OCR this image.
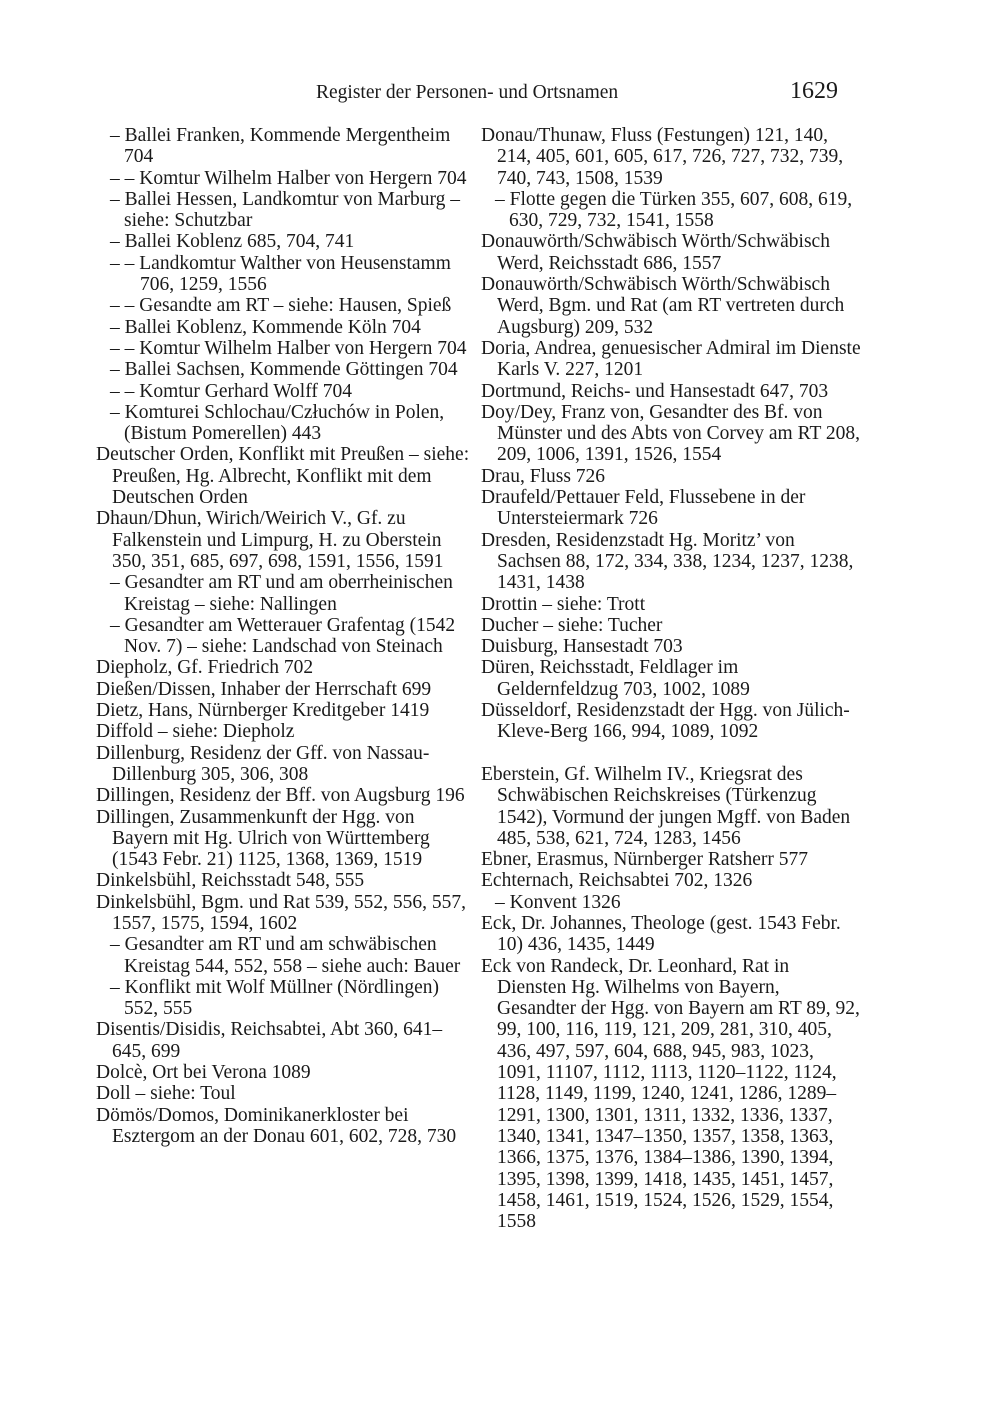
Register der Personen- und Ortsnamen	1629

– Ballei Franken, Kommende Mergentheim 704

– – Komtur Wilhelm Halber von Hergern 704

– Ballei Hessen, Landkomtur von Marburg – siehe: Schutzbar

– Ballei Koblenz 685, 704, 741

– – Landkomtur Walther von Heusenstamm 706, 1259, 1556

– – Gesandte am RT – siehe: Hausen, Spieß

– Ballei Koblenz, Kommende Köln 704

– – Komtur Wilhelm Halber von Hergern 704

– Ballei Sachsen, Kommende Göttingen 704

– – Komtur Gerhard Wolff 704

– Komturei Schlochau/Człuchów in Polen, (Bistum Pomerellen) 443

Deutscher Orden, Konflikt mit Preußen – siehe: Preußen, Hg. Albrecht, Konflikt mit dem Deutschen Orden

Dhaun/Dhun, Wirich/Weirich V., Gf. zu Falkenstein und Limpurg, H. zu Oberstein 350, 351, 685, 697, 698, 1591, 1556, 1591

– Gesandter am RT und am oberrheinischen Kreistag – siehe: Nallingen

– Gesandter am Wetterauer Grafentag (1542 Nov. 7) – siehe: Landschad von Steinach

Diepholz, Gf. Friedrich 702

Dießen/Dissen, Inhaber der Herrschaft 699

Dietz, Hans, Nürnberger Kreditgeber 1419

Diffold – siehe: Diepholz

Dillenburg, Residenz der Gff. von Nassau-Dillenburg 305, 306, 308

Dillingen, Residenz der Bff. von Augsburg 196

Dillingen, Zusammenkunft der Hgg. von Bayern mit Hg. Ulrich von Württemberg (1543 Febr. 21) 1125, 1368, 1369, 1519

Dinkelsbühl, Reichsstadt 548, 555

Dinkelsbühl, Bgm. und Rat 539, 552, 556, 557, 1557, 1575, 1594, 1602

– Gesandter am RT und am schwäbischen Kreistag 544, 552, 558 – siehe auch: Bauer

– Konflikt mit Wolf Müllner (Nördlingen) 552, 555

Disentis/Disidis, Reichsabtei, Abt 360, 641–645, 699

Dolcè, Ort bei Verona 1089

Doll – siehe: Toul

Dömös/Domos, Dominikanerkloster bei Esztergom an der Donau 601, 602, 728, 730

Donau/Thunaw, Fluss (Festungen) 121, 140, 214, 405, 601, 605, 617, 726, 727, 732, 739, 740, 743, 1508, 1539

– Flotte gegen die Türken 355, 607, 608, 619, 630, 729, 732, 1541, 1558

Donauwörth/Schwäbisch Wörth/Schwäbisch Werd, Reichsstadt 686, 1557

Donauwörth/Schwäbisch Wörth/Schwäbisch Werd, Bgm. und Rat (am RT vertreten durch Augsburg) 209, 532

Doria, Andrea, genuesischer Admiral im Dienste Karls V. 227, 1201

Dortmund, Reichs- und Hansestadt 647, 703

Doy/Dey, Franz von, Gesandter des Bf. von Münster und des Abts von Corvey am RT 208, 209, 1006, 1391, 1526, 1554

Drau, Fluss 726

Draufeld/Pettauer Feld, Flussebene in der Untersteiermark 726

Dresden, Residenzstadt Hg. Moritz’ von Sachsen 88, 172, 334, 338, 1234, 1237, 1238, 1431, 1438

Drottin – siehe: Trott

Ducher – siehe: Tucher

Duisburg, Hansestadt 703

Düren, Reichsstadt, Feldlager im Geldernfeldzug 703, 1002, 1089

Düsseldorf, Residenzstadt der Hgg. von Jülich-Kleve-Berg 166, 994, 1089, 1092

Eberstein, Gf. Wilhelm IV., Kriegsrat des Schwäbischen Reichskreises (Türkenzug 1542), Vormund der jungen Mgff. von Baden 485, 538, 621, 724, 1283, 1456

Ebner, Erasmus, Nürnberger Ratsherr 577

Echternach, Reichsabtei 702, 1326

– Konvent 1326

Eck, Dr. Johannes, Theologe (gest. 1543 Febr. 10) 436, 1435, 1449

Eck von Randeck, Dr. Leonhard, Rat in Diensten Hg. Wilhelms von Bayern, Gesandter der Hgg. von Bayern am RT 89, 92, 99, 100, 116, 119, 121, 209, 281, 310, 405, 436, 497, 597, 604, 688, 945, 983, 1023, 1091, 11107, 1112, 1113, 1120–1122, 1124, 1128, 1149, 1199, 1240, 1241, 1286, 1289–1291, 1300, 1301, 1311, 1332, 1336, 1337, 1340, 1341, 1347–1350, 1357, 1358, 1363, 1366, 1375, 1376, 1384–1386, 1390, 1394, 1395, 1398, 1399, 1418, 1435, 1451, 1457, 1458, 1461, 1519, 1524, 1526, 1529, 1554, 1558
